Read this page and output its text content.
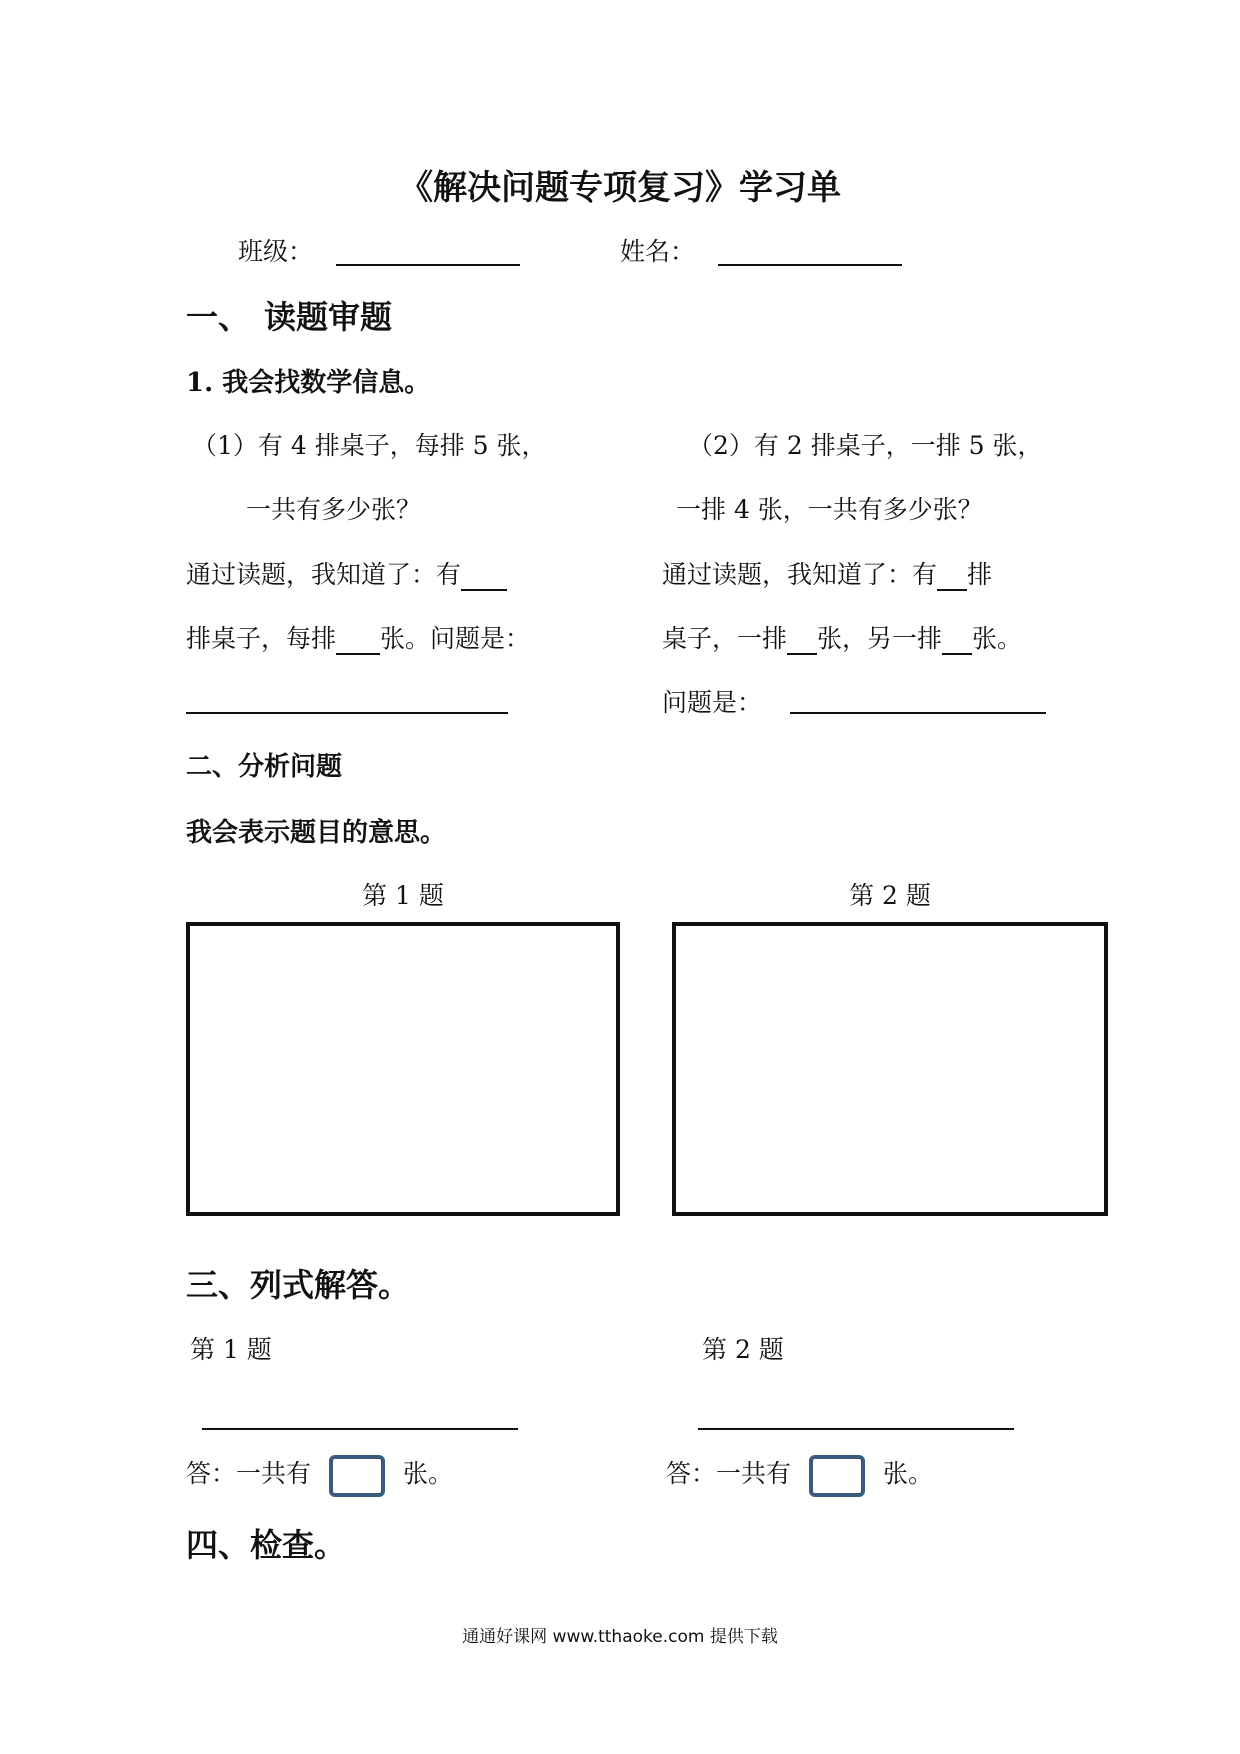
《解决问题专项复习》学习单
班级：	姓名：
一、 读题审题
1. 我会找数学信息。
（1）有 4 排桌子，每排 5 张，
一共有多少张？
通过读题，我知道了：有
排桌子，每排 张。问题是：
（2）有 2 排桌子，一排 5 张，
一排 4 张，一共有多少张？
通过读题，我知道了：有 排
桌子，一排 张，另一排 张。
问题是：
二、分析问题
我会表示题目的意思。
第 1 题	第 2 题
三、列式解答。
第 1 题	第 2 题
答：一共有	张。	答：一共有	张。
四、检查。
通通好课网 www.tthaoke.com 提供下载
